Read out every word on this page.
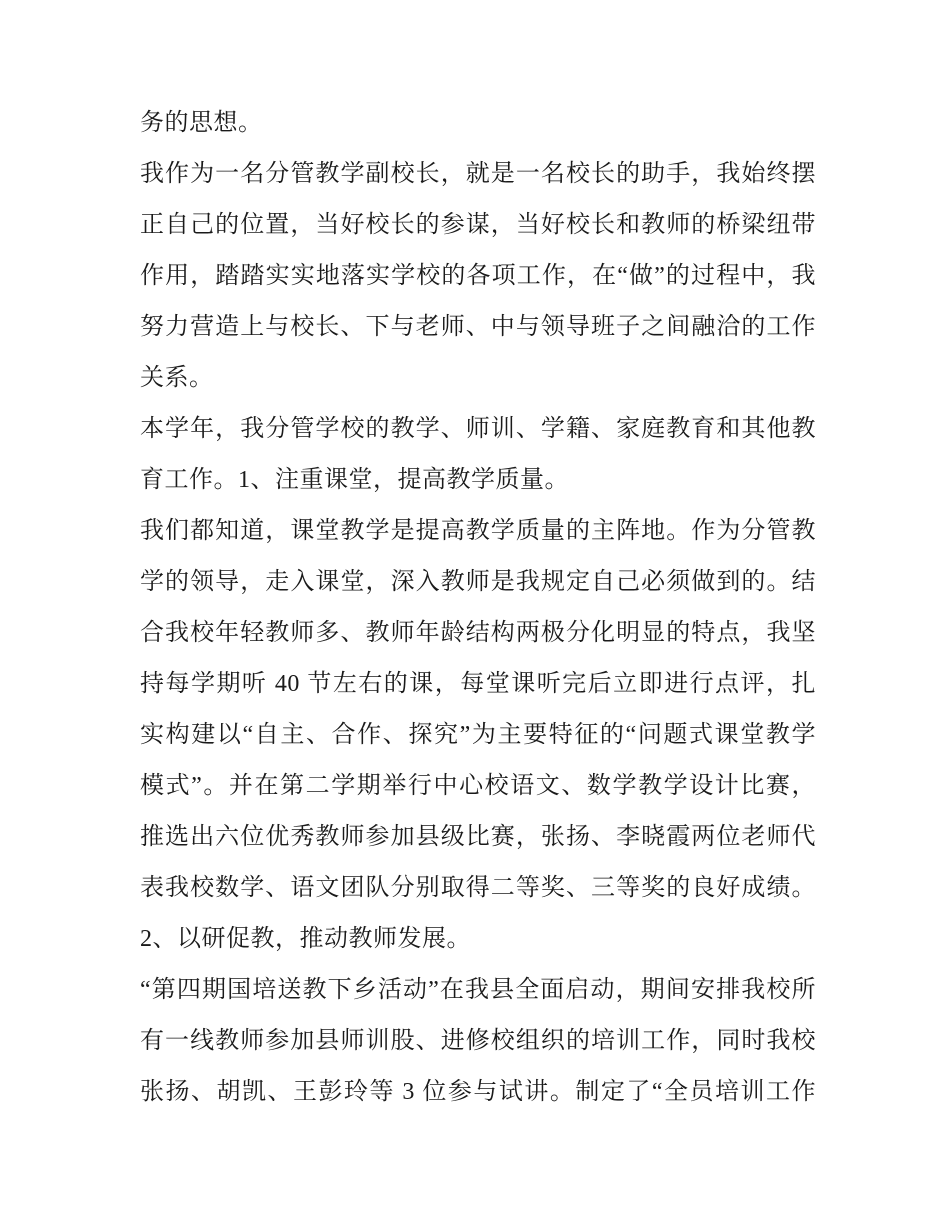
务的思想。
我作为一名分管教学副校长，就是一名校长的助手，我始终摆
正自己的位置，当好校长的参谋，当好校长和教师的桥梁纽带
作用，踏踏实实地落实学校的各项工作，在“做”的过程中，我
努力营造上与校长、下与老师、中与领导班子之间融洽的工作
关系。
本学年，我分管学校的教学、师训、学籍、家庭教育和其他教
育工作。1、注重课堂，提高教学质量。
我们都知道，课堂教学是提高教学质量的主阵地。作为分管教
学的领导，走入课堂，深入教师是我规定自己必须做到的。结
合我校年轻教师多、教师年龄结构两极分化明显的特点，我坚
持每学期听 40 节左右的课，每堂课听完后立即进行点评，扎
实构建以“自主、合作、探究”为主要特征的“问题式课堂教学
模式”。并在第二学期举行中心校语文、数学教学设计比赛，
推选出六位优秀教师参加县级比赛，张扬、李晓霞两位老师代
表我校数学、语文团队分别取得二等奖、三等奖的良好成绩。
2、以研促教，推动教师发展。
“第四期国培送教下乡活动”在我县全面启动，期间安排我校所
有一线教师参加县师训股、进修校组织的培训工作，同时我校
张扬、胡凯、王彭玲等 3 位参与试讲。制定了“全员培训工作
